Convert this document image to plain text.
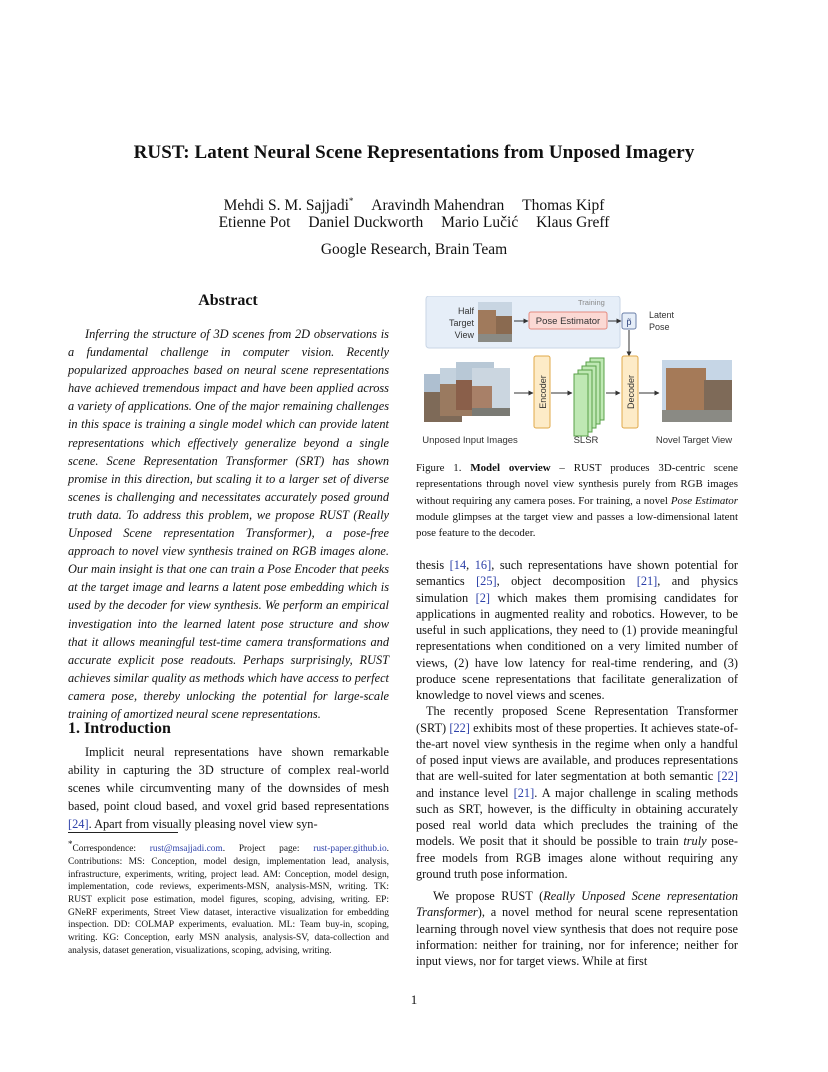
RUST: Latent Neural Scene Representations from Unposed Imagery
Mehdi S. M. Sajjadi* Aravindh Mahendran Thomas Kipf
Etienne Pot Daniel Duckworth Mario Lučić Klaus Greff
Google Research, Brain Team
Abstract
Inferring the structure of 3D scenes from 2D observations is a fundamental challenge in computer vision. Recently popularized approaches based on neural scene representations have achieved tremendous impact and have been applied across a variety of applications. One of the major remaining challenges in this space is training a single model which can provide latent representations which effectively generalize beyond a single scene. Scene Representation Transformer (SRT) has shown promise in this direction, but scaling it to a larger set of diverse scenes is challenging and necessitates accurately posed ground truth data. To address this problem, we propose RUST (Really Unposed Scene representation Transformer), a pose-free approach to novel view synthesis trained on RGB images alone. Our main insight is that one can train a Pose Encoder that peeks at the target image and learns a latent pose embedding which is used by the decoder for view synthesis. We perform an empirical investigation into the learned latent pose structure and show that it allows meaningful test-time camera transformations and accurate explicit pose readouts. Perhaps surprisingly, RUST achieves similar quality as methods which have access to perfect camera pose, thereby unlocking the potential for large-scale training of amortized neural scene representations.
1. Introduction
Implicit neural representations have shown remarkable ability in capturing the 3D structure of complex real-world scenes while circumventing many of the downsides of mesh based, point cloud based, and voxel grid based representations [24]. Apart from visually pleasing novel view syn-
*Correspondence: rust@msajjadi.com. Project page: rust-paper.github.io. Contributions: MS: Conception, model design, implementation lead, analysis, infrastructure, experiments, writing, project lead. AM: Conception, model design, implementation, code reviews, experiments-MSN, analysis-MSN, writing. TK: RUST explicit pose estimation, model figures, scoping, advising, writing. EP: GNeRF experiments, Street View dataset, interactive visualization for embedding inspection. DD: COLMAP experiments, evaluation. ML: Team buy-in, scoping, writing. KG: Conception, early MSN analysis, analysis-SV, data-collection and analysis, dataset generation, visualizations, scoping, advising, writing.
Training
Half
Target
View
Pose Estimator	p̃
Latent
Pose
Encoder	Decoder
Unposed Input Images	SLSR	Novel Target View
Figure 1. Model overview – RUST produces 3D-centric scene representations through novel view synthesis purely from RGB images without requiring any camera poses. For training, a novel Pose Estimator module glimpses at the target view and passes a low-dimensional latent pose feature to the decoder.

thesis [14, 16], such representations have shown potential for semantics [25], object decomposition [21], and physics simulation [2] which makes them promising candidates for applications in augmented reality and robotics. However, to be useful in such applications, they need to (1) provide meaningful representations when conditioned on a very limited number of views, (2) have low latency for real-time rendering, and (3) produce scene representations that facilitate generalization of knowledge to novel views and scenes.

The recently proposed Scene Representation Transformer (SRT) [22] exhibits most of these properties. It achieves state-of-the-art novel view synthesis in the regime when only a handful of posed input views are available, and produces representations that are well-suited for later segmentation at both semantic [22] and instance level [21]. A major challenge in scaling methods such as SRT, however, is the difficulty in obtaining accurately posed real world data which precludes the training of the models. We posit that it should be possible to train truly pose-free models from RGB images alone without requiring any ground truth pose information.

We propose RUST (Really Unposed Scene representation Transformer), a novel method for neural scene representation learning through novel view synthesis that does not require pose information: neither for training, nor for inference; neither for input views, nor for target views. While at first

1
